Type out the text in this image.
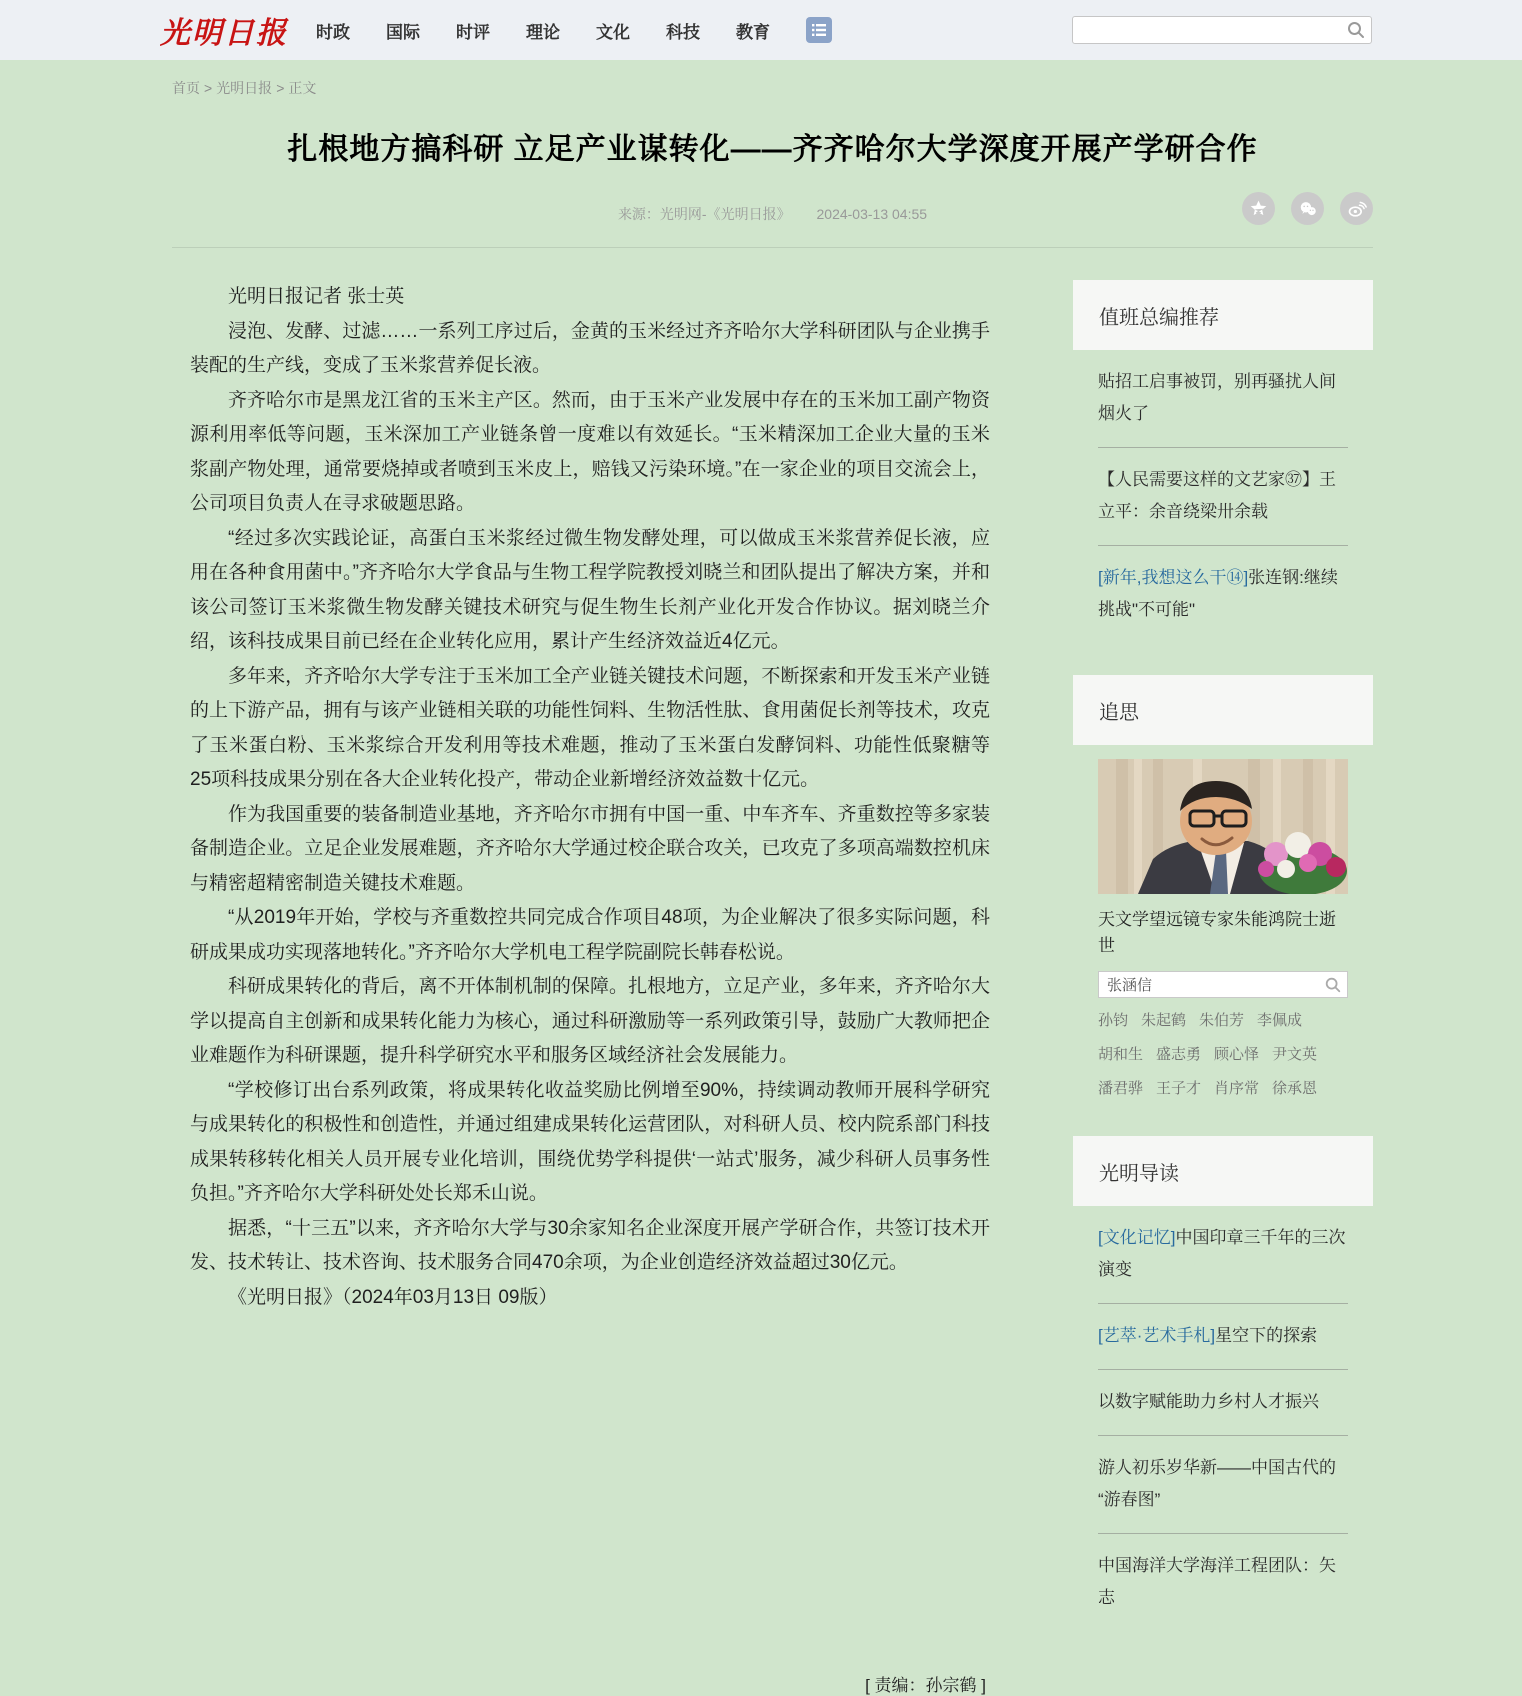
光明日报 时政 国际 时评 理论 文化 科技 教育
首页 > 光明日报 > 正文
扎根地方搞科研 立足产业谋转化——齐齐哈尔大学深度开展产学研合作
来源：光明网-《光明日报》 2024-03-13 04:55

光明日报记者 张士英

浸泡、发酵、过滤……一系列工序过后，金黄的玉米经过齐齐哈尔大学科研团队与企业携手装配的生产线，变成了玉米浆营养促长液。

齐齐哈尔市是黑龙江省的玉米主产区。然而，由于玉米产业发展中存在的玉米加工副产物资源利用率低等问题，玉米深加工产业链条曾一度难以有效延长。“玉米精深加工企业大量的玉米浆副产物处理，通常要烧掉或者喷到玉米皮上，赔钱又污染环境。”在一家企业的项目交流会上，公司项目负责人在寻求破题思路。

“经过多次实践论证，高蛋白玉米浆经过微生物发酵处理，可以做成玉米浆营养促长液，应用在各种食用菌中。”齐齐哈尔大学食品与生物工程学院教授刘晓兰和团队提出了解决方案，并和该公司签订玉米浆微生物发酵关键技术研究与促生物生长剂产业化开发合作协议。据刘晓兰介绍，该科技成果目前已经在企业转化应用，累计产生经济效益近4亿元。

多年来，齐齐哈尔大学专注于玉米加工全产业链关键技术问题，不断探索和开发玉米产业链的上下游产品，拥有与该产业链相关联的功能性饲料、生物活性肽、食用菌促长剂等技术，攻克了玉米蛋白粉、玉米浆综合开发利用等技术难题，推动了玉米蛋白发酵饲料、功能性低聚糖等25项科技成果分别在各大企业转化投产，带动企业新增经济效益数十亿元。

作为我国重要的装备制造业基地，齐齐哈尔市拥有中国一重、中车齐车、齐重数控等多家装备制造企业。立足企业发展难题，齐齐哈尔大学通过校企联合攻关，已攻克了多项高端数控机床与精密超精密制造关键技术难题。

“从2019年开始，学校与齐重数控共同完成合作项目48项，为企业解决了很多实际问题，科研成果成功实现落地转化。”齐齐哈尔大学机电工程学院副院长韩春松说。

科研成果转化的背后，离不开体制机制的保障。扎根地方，立足产业，多年来，齐齐哈尔大学以提高自主创新和成果转化能力为核心，通过科研激励等一系列政策引导，鼓励广大教师把企业难题作为科研课题，提升科学研究水平和服务区域经济社会发展能力。

“学校修订出台系列政策，将成果转化收益奖励比例增至90%，持续调动教师开展科学研究与成果转化的积极性和创造性，并通过组建成果转化运营团队，对科研人员、校内院系部门科技成果转移转化相关人员开展专业化培训，围绕优势学科提供‘一站式’服务，减少科研人员事务性负担。”齐齐哈尔大学科研处处长郑禾山说。

据悉，“十三五”以来，齐齐哈尔大学与30余家知名企业深度开展产学研合作，共签订技术开发、技术转让、技术咨询、技术服务合同470余项，为企业创造经济效益超过30亿元。

《光明日报》（2024年03月13日 09版）

值班总编推荐
贴招工启事被罚，别再骚扰人间烟火了
【人民需要这样的文艺家㊲】王立平：余音绕梁卅余载
[新年,我想这么干⑭]张连钢:继续挑战"不可能"
追思
天文学望远镜专家朱能鸿院士逝世
张涵信
孙钧 朱起鹤 朱伯芳 李佩成
胡和生 盛志勇 顾心怿 尹文英
潘君骅 王子才 肖序常 徐承恩
光明导读
[文化记忆]中国印章三千年的三次演变
[艺萃·艺术手札]星空下的探索
以数字赋能助力乡村人才振兴
游人初乐岁华新——中国古代的 “游春图”
中国海洋大学海洋工程团队：矢志
[ 责编：孙宗鹤 ]
